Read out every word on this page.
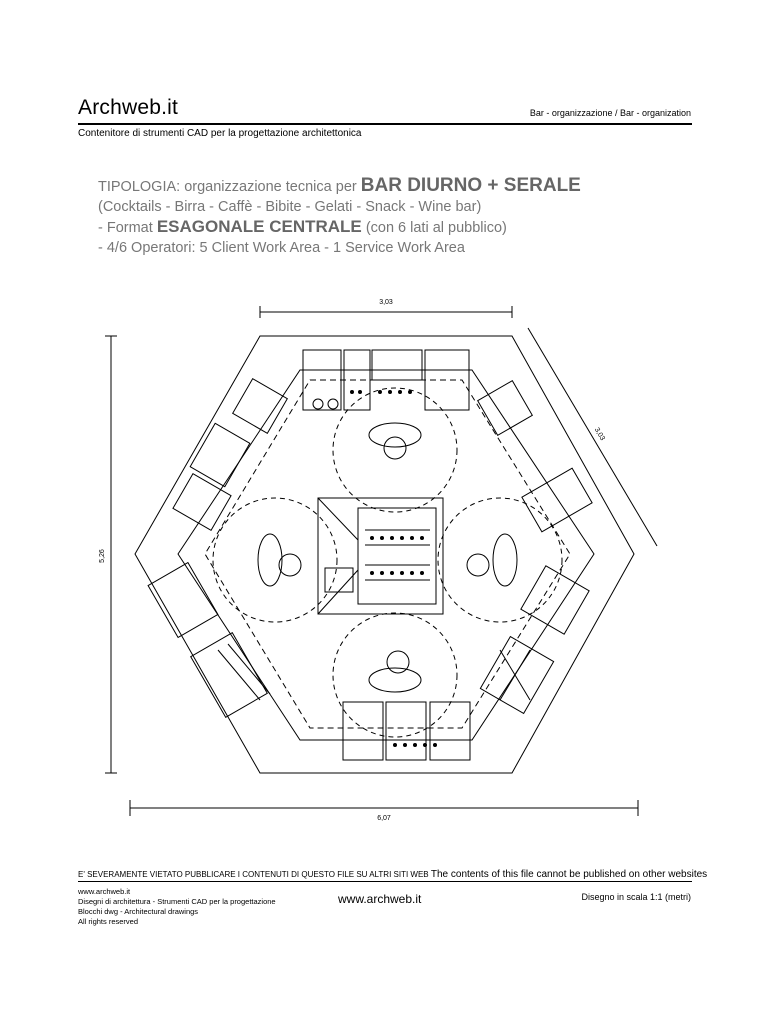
Archweb.it	Bar - organizzazione / Bar - organization
Contenitore di strumenti CAD per la progettazione architettonica
TIPOLOGIA: organizzazione tecnica per BAR DIURNO + SERALE
(Cocktails - Birra - Caffè - Bibite - Gelati - Snack - Wine bar)
- Format ESAGONALE CENTRALE (con 6 lati al pubblico)
- 4/6 Operatori: 5 Client Work Area - 1 Service Work Area
3,03
3,03
5,26
6,07
E' SEVERAMENTE VIETATO PUBBLICARE I CONTENUTI DI QUESTO FILE SU ALTRI SITI WEB The contents of this file cannot be published on other websites
www.archweb.it
Disegni di architettura - Strumenti CAD per la progettazione
Blocchi dwg - Architectural drawings
All rights reserved
www.archweb.it	Disegno in scala 1:1 (metri)
